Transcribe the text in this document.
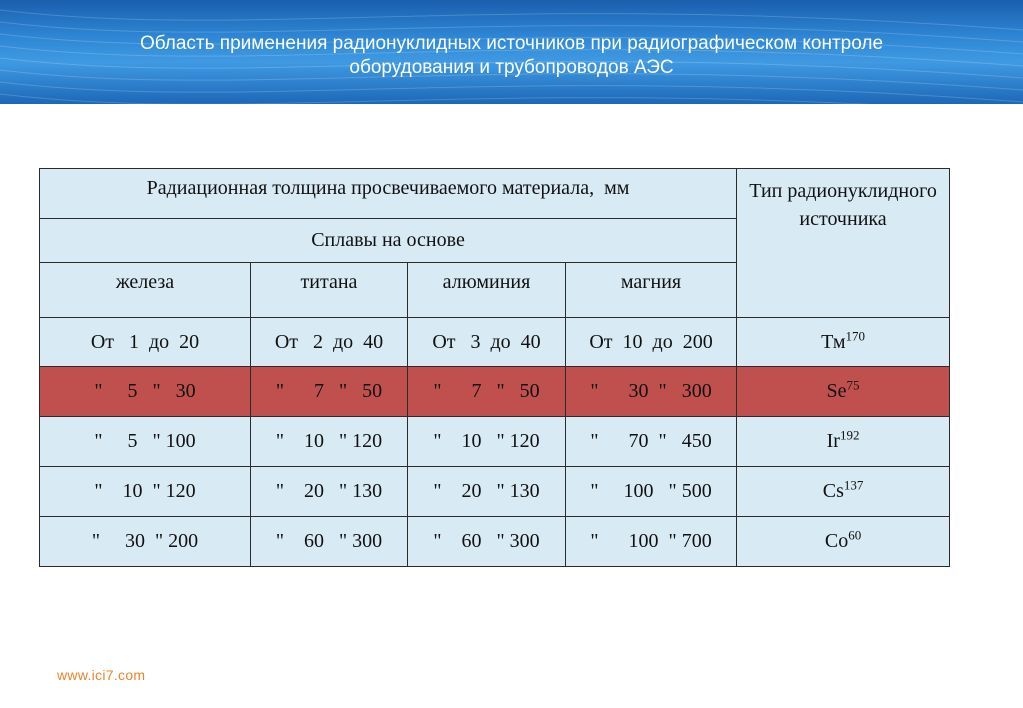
Область применения радионуклидных источников при радиографическом контроле
оборудования и трубопроводов АЭС
Радиационная толщина просвечиваемого материала,  мм				Тип радионуклидного источника
Сплавы на основе				
железа	титана	алюминия	магния	
От   1  до  20	От   2  до  40	От   3  до  40	От  10  до  200	$Тм^{170}$
"     5   "   30	"      7   "   50	"      7   "   50	"      30  "   300	Se$^{75}$
"     5   " 100	"    10   " 120	"    10   " 120	"      70  "   450	Ir$^{192}$
"    10  " 120	"    20   " 130	"    20   " 130	"     100   " 500	Cs$^{137}$
"     30  " 200	"    60   " 300	"    60   " 300	"      100  " 700	Co$^{60}$
www.ici7.com
